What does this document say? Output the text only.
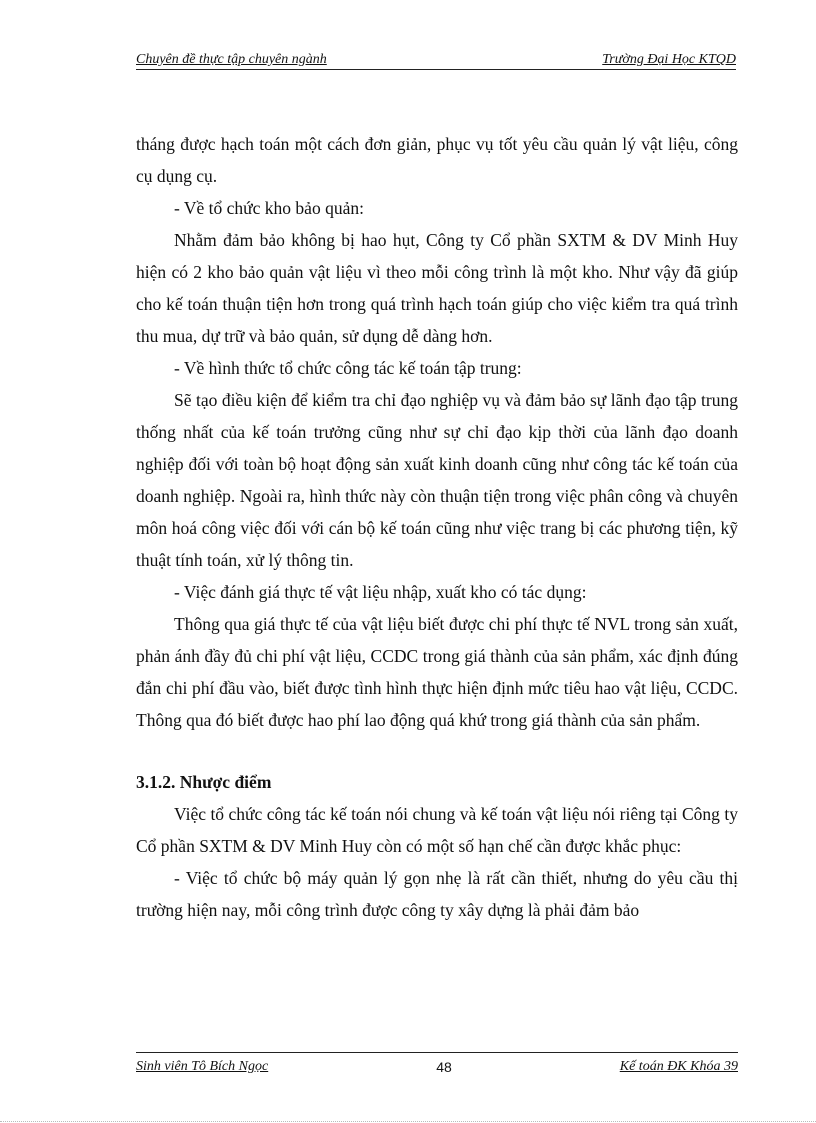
Chuyên đề thực tập chuyên ngành	Trường Đại Học KTQD

tháng được hạch toán một cách đơn giản, phục vụ tốt yêu cầu quản lý vật liệu, công cụ dụng cụ.

- Về tổ chức kho bảo quản:

Nhằm đảm bảo không bị hao hụt, Công ty Cổ phần SXTM & DV Minh Huy hiện có 2 kho bảo quản vật liệu vì theo mỗi công trình là một kho. Như vậy đã giúp cho kế toán thuận tiện hơn trong quá trình hạch toán giúp cho việc kiểm tra quá trình thu mua, dự trữ và bảo quản, sử dụng dễ dàng hơn.

- Về hình thức tổ chức công tác kế toán tập trung:

Sẽ tạo điều kiện để kiểm tra chỉ đạo nghiệp vụ và đảm bảo sự lãnh đạo tập trung thống nhất của kế toán trưởng cũng như sự chỉ đạo kịp thời của lãnh đạo doanh nghiệp đối với toàn bộ hoạt động sản xuất kinh doanh cũng như công tác kế toán của doanh nghiệp. Ngoài ra, hình thức này còn thuận tiện trong việc phân công và chuyên môn hoá công việc đối với cán bộ kế toán cũng như việc trang bị các phương tiện, kỹ thuật tính toán, xử lý thông tin.

- Việc đánh giá thực tế vật liệu nhập, xuất kho có tác dụng:

Thông qua giá thực tế của vật liệu biết được chi phí thực tế NVL trong sản xuất, phản ánh đầy đủ chi phí vật liệu, CCDC trong giá thành của sản phẩm, xác định đúng đắn chi phí đầu vào, biết được tình hình thực hiện định mức tiêu hao vật liệu, CCDC. Thông qua đó biết được hao phí lao động quá khứ trong giá thành của sản phẩm.

3.1.2. Nhược điểm

Việc tổ chức công tác kế toán nói chung và kế toán vật liệu nói riêng tại Công ty Cổ phần SXTM & DV Minh Huy còn có một số hạn chế cần được khắc phục:

- Việc tổ chức bộ máy quản lý gọn nhẹ là rất cần thiết, nhưng do yêu cầu thị trường hiện nay, mỗi công trình được công ty xây dựng là phải đảm bảo

Sinh viên Tô Bích Ngọc	48	Kế toán ĐK Khóa 39
